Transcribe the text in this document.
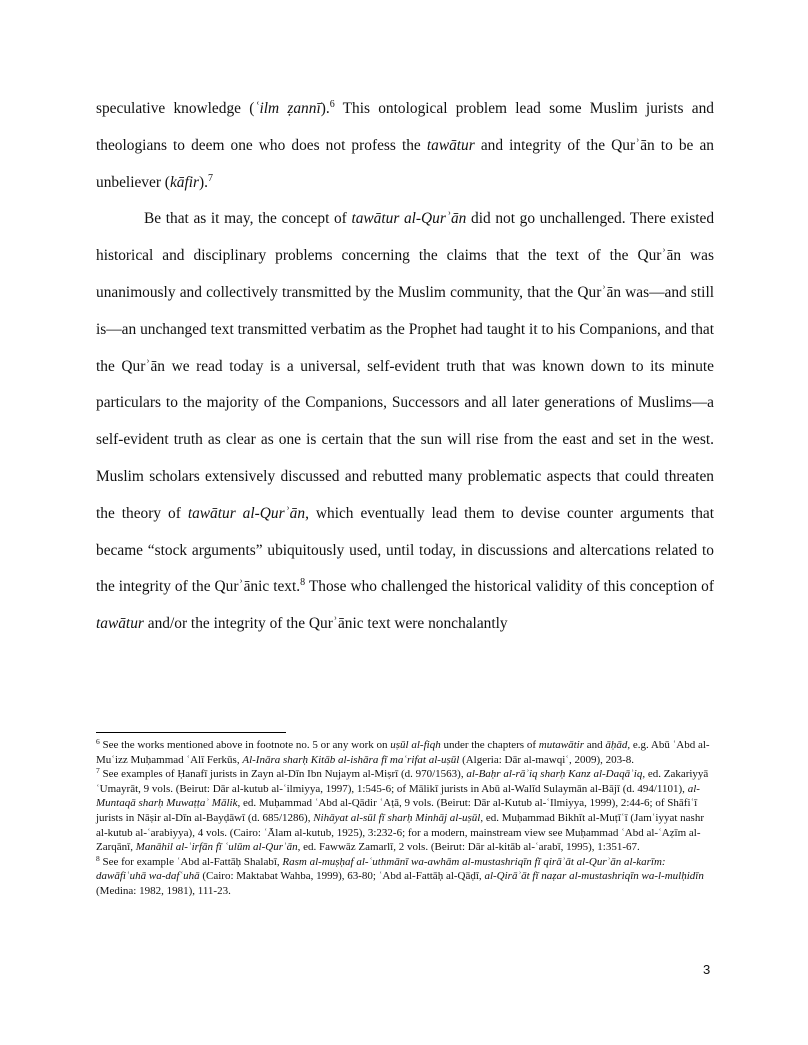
speculative knowledge (ʿilm ẓannī).$^6$ This ontological problem lead some Muslim jurists and theologians to deem one who does not profess the tawātur and integrity of the Qurʾān to be an unbeliever (kāfir).$^7$

Be that as it may, the concept of tawātur al-Qurʾān did not go unchallenged. There existed historical and disciplinary problems concerning the claims that the text of the Qurʾān was unanimously and collectively transmitted by the Muslim community, that the Qurʾān was—and still is—an unchanged text transmitted verbatim as the Prophet had taught it to his Companions, and that the Qurʾān we read today is a universal, self-evident truth that was known down to its minute particulars to the majority of the Companions, Successors and all later generations of Muslims—a self-evident truth as clear as one is certain that the sun will rise from the east and set in the west. Muslim scholars extensively discussed and rebutted many problematic aspects that could threaten the theory of tawātur al-Qurʾān, which eventually lead them to devise counter arguments that became “stock arguments” ubiquitously used, until today, in discussions and altercations related to the integrity of the Qurʾānic text.$^8$ Those who challenged the historical validity of this conception of tawātur and/or the integrity of the Qurʾānic text were nonchalantly

$^6$ See the works mentioned above in footnote no. 5 or any work on uṣūl al-fiqh under the chapters of mutawātir and āḥād, e.g. Abū ʿAbd al-Muʿizz Muḥammad ʿAlī Ferkūs, Al-Ināra sharḥ Kitāb al-ishāra fī maʿrifat al-uṣūl (Algeria: Dār al-mawqiʿ, 2009), 203-8.

$^7$ See examples of Ḥanafī jurists in Zayn al-Dīn Ibn Nujaym al-Miṣrī (d. 970/1563), al-Baḥr al-rāʾiq sharḥ Kanz al-Daqāʾiq, ed. Zakariyyā ʿUmayrāt, 9 vols. (Beirut: Dār al-kutub al-ʿilmiyya, 1997), 1:545-6; of Mālikī jurists in Abū al-Walīd Sulaymān al-Bājī (d. 494/1101), al-Muntaqā sharḥ Muwaṭṭaʾ Mālik, ed. Muḥammad ʿAbd al-Qādir ʿAṭā, 9 vols. (Beirut: Dār al-Kutub al-ʿIlmiyya, 1999), 2:44-6; of Shāfiʿī jurists in Nāṣir al-Dīn al-Bayḍāwī (d. 685/1286), Nihāyat al-sūl fī sharḥ Minhāj al-uṣūl, ed. Muḥammad Bikhīt al-Muṭīʿī (Jamʿiyyat nashr al-kutub al-ʿarabiyya), 4 vols. (Cairo: ʿĀlam al-kutub, 1925), 3:232-6; for a modern, mainstream view see Muḥammad ʿAbd al-ʿAẓīm al-Zarqānī, Manāhil al-ʿirfān fī ʿulūm al-Qurʾān, ed. Fawwāz Zamarlī, 2 vols. (Beirut: Dār al-kitāb al-ʿarabī, 1995), 1:351-67.

$^8$ See for example ʿAbd al-Fattāḥ Shalabī, Rasm al-muṣḥaf al-ʿuthmānī wa-awhām al-mustashriqīn fī qirāʾāt al-Qurʾān al-karīm: dawāfiʿuhā wa-dafʿuhā (Cairo: Maktabat Wahba, 1999), 63-80; ʿAbd al-Fattāḥ al-Qāḍī, al-Qirāʾāt fī naẓar al-mustashriqīn wa-l-mulḥidīn (Medina: 1982, 1981), 111-23.

3
